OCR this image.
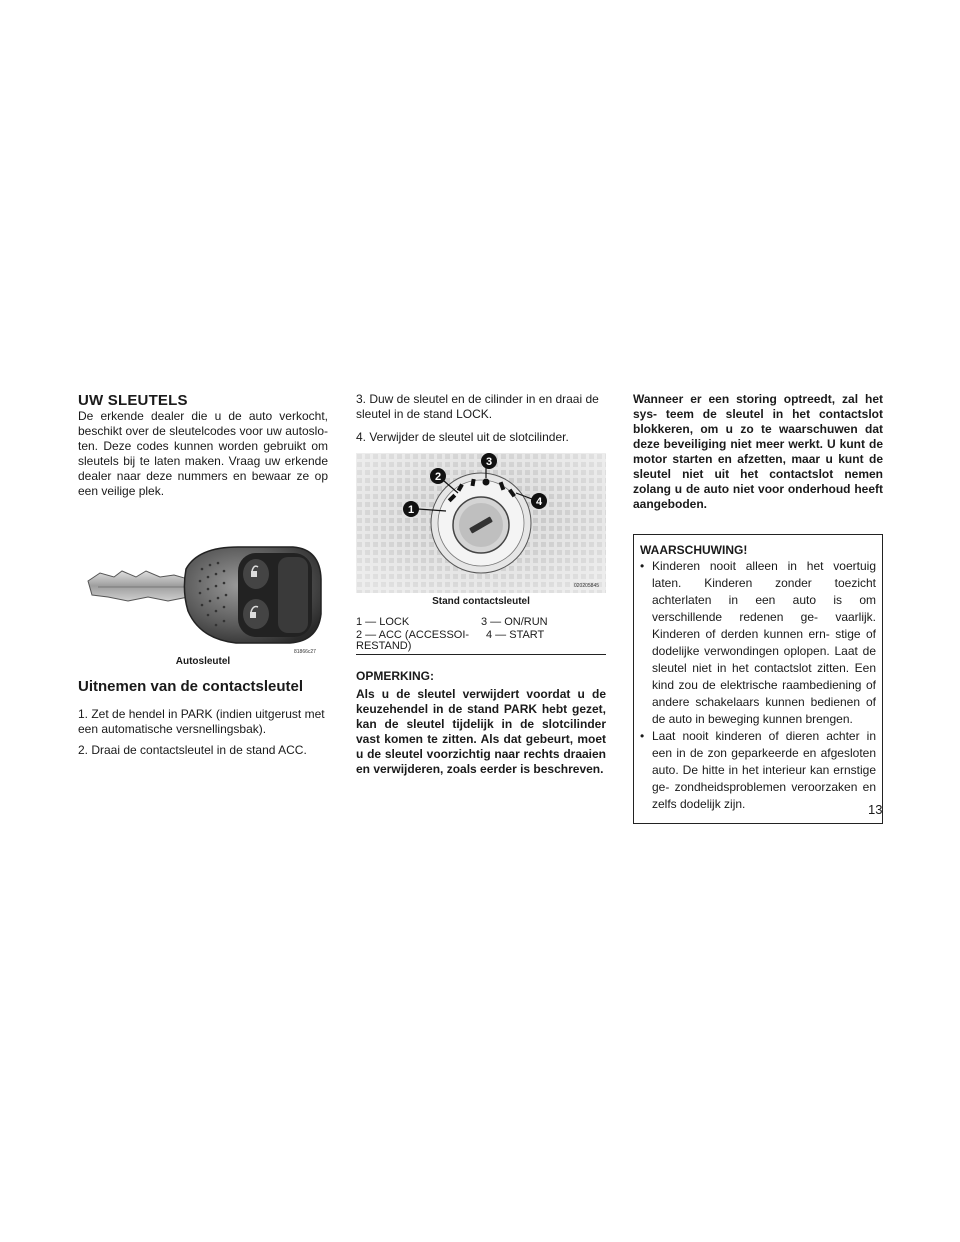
UW SLEUTELS

De erkende dealer die u de auto verkocht, beschikt over de sleutelcodes voor uw autoslo- ten. Deze codes kunnen worden gebruikt om sleutels bij te laten maken. Vraag uw erkende dealer naar deze nummers en bewaar ze op een veilige plek.

81866c27

Autosleutel

Uitnemen van de contactsleutel

1. Zet de hendel in PARK (indien uitgerust met een automatische versnellingsbak).

2. Draai de contactsleutel in de stand ACC.

3. Duw de sleutel en de cilinder in en draai de sleutel in de stand LOCK.

4. Verwijder de sleutel uit de slotcilinder.

1
2
3
4
020205845

Stand contactsleutel

1 — LOCK	3 — ON/RUN
2 — ACC (ACCESSOI- RESTAND)
4 — START

OPMERKING:

Als u de sleutel verwijdert voordat u de keuzehendel in de stand PARK hebt gezet, kan de sleutel tijdelijk in de slotcilinder vast komen te zitten. Als dat gebeurt, moet u de sleutel voorzichtig naar rechts draaien en verwijderen, zoals eerder is beschreven.

Wanneer er een storing optreedt, zal het sys- teem de sleutel in het contactslot blokkeren, om u zo te waarschuwen dat deze beveiliging niet meer werkt. U kunt de motor starten en afzetten, maar u kunt de sleutel niet uit het contactslot nemen zolang u de auto niet voor onderhoud heeft aangeboden.

WAARSCHUWING!

• Kinderen nooit alleen in het voertuig laten. Kinderen zonder toezicht achterlaten in een auto is om verschillende redenen ge- vaarlijk. Kinderen of derden kunnen ern- stige of dodelijke verwondingen oplopen. Laat de sleutel niet in het contactslot zitten. Een kind zou de elektrische raambediening of andere schakelaars kunnen bedienen of de auto in beweging kunnen brengen.
• Laat nooit kinderen of dieren achter in een in de zon geparkeerde en afgesloten auto. De hitte in het interieur kan ernstige ge- zondheidsproblemen veroorzaken en zelfs dodelijk zijn.	13
